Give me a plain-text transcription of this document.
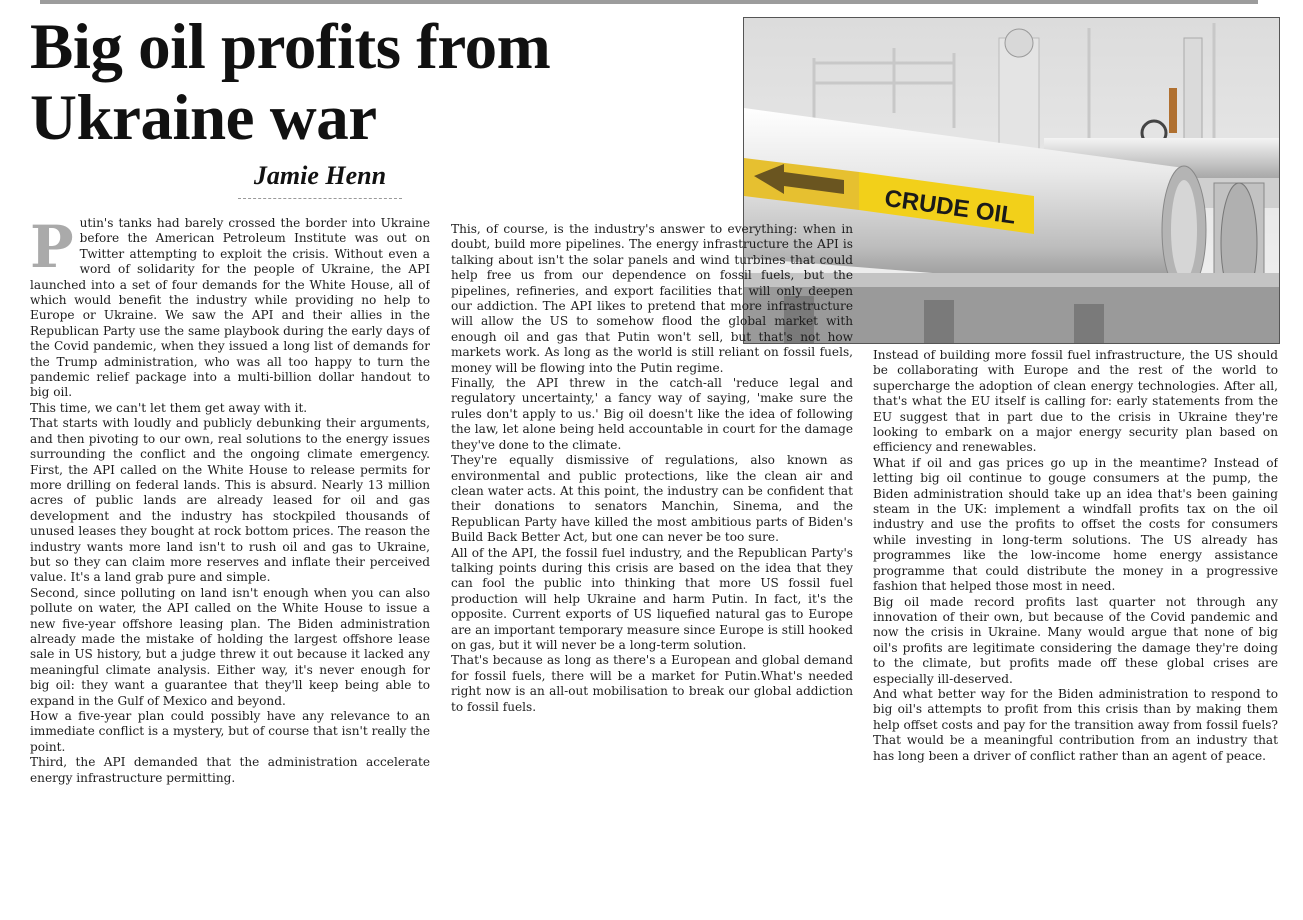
Big oil profits from Ukraine war
Jamie Henn
CRUDE OIL
P utin's tanks had barely crossed the border into Ukraine before the American Petroleum Institute was out on Twitter attempting to exploit the crisis. Without even a word of solidarity for the people of Ukraine, the API launched into a set of four demands for the White House, all of which would benefit the industry while providing no help to Europe or Ukraine. We saw the API and their allies in the Republican Party use the same playbook during the early days of the Covid pandemic, when they issued a long list of demands for the Trump administration, who was all too happy to turn the pandemic relief package into a multi-billion dollar handout to big oil.

This time, we can't let them get away with it.

That starts with loudly and publicly debunking their arguments, and then pivoting to our own, real solutions to the energy issues surrounding the conflict and the ongoing climate emergency. First, the API called on the White House to release permits for more drilling on federal lands. This is absurd. Nearly 13 million acres of public lands are already leased for oil and gas development and the industry has stockpiled thousands of unused leases they bought at rock bottom prices. The reason the industry wants more land isn't to rush oil and gas to Ukraine, but so they can claim more reserves and inflate their perceived value. It's a land grab pure and simple.

Second, since polluting on land isn't enough when you can also pollute on water, the API called on the White House to issue a new five-year offshore leasing plan. The Biden administration already made the mistake of holding the largest offshore lease sale in US history, but a judge threw it out because it lacked any meaningful climate analysis. Either way, it's never enough for big oil: they want a guarantee that they'll keep being able to expand in the Gulf of Mexico and beyond.

How a five-year plan could possibly have any relevance to an immediate conflict is a mystery, but of course that isn't really the point.

Third, the API demanded that the administration accelerate energy infrastructure permitting.

This, of course, is the industry's answer to everything: when in doubt, build more pipelines. The energy infrastructure the API is talking about isn't the solar panels and wind turbines that could help free us from our dependence on fossil fuels, but the pipelines, refineries, and export facilities that will only deepen our addiction. The API likes to pretend that more infrastructure will allow the US to somehow flood the global market with enough oil and gas that Putin won't sell, but that's not how markets work. As long as the world is still reliant on fossil fuels, money will be flowing into the Putin regime.

Finally, the API threw in the catch-all 'reduce legal and regulatory uncertainty,' a fancy way of saying, 'make sure the rules don't apply to us.' Big oil doesn't like the idea of following the law, let alone being held accountable in court for the damage they've done to the climate.

They're equally dismissive of regulations, also known as environmental and public protections, like the clean air and clean water acts. At this point, the industry can be confident that their donations to senators Manchin, Sinema, and the Republican Party have killed the most ambitious parts of Biden's Build Back Better Act, but one can never be too sure.

All of the API, the fossil fuel industry, and the Republican Party's talking points during this crisis are based on the idea that they can fool the public into thinking that more US fossil fuel production will help Ukraine and harm Putin. In fact, it's the opposite. Current exports of US liquefied natural gas to Europe are an important temporary measure since Europe is still hooked on gas, but it will never be a long-term solution.

That's because as long as there's a European and global demand for fossil fuels, there will be a market for Putin.What's needed right now is an all-out mobilisation to break our global addiction to fossil fuels.

Instead of building more fossil fuel infrastructure, the US should be collaborating with Europe and the rest of the world to supercharge the adoption of clean energy technologies. After all, that's what the EU itself is calling for: early statements from the EU suggest that in part due to the crisis in Ukraine they're looking to embark on a major energy security plan based on efficiency and renewables.

What if oil and gas prices go up in the meantime? Instead of letting big oil continue to gouge consumers at the pump, the Biden administration should take up an idea that's been gaining steam in the UK: implement a windfall profits tax on the oil industry and use the profits to offset the costs for consumers while investing in long-term solutions. The US already has programmes like the low-income home energy assistance programme that could distribute the money in a progressive fashion that helped those most in need.

Big oil made record profits last quarter not through any innovation of their own, but because of the Covid pandemic and now the crisis in Ukraine. Many would argue that none of big oil's profits are legitimate considering the damage they're doing to the climate, but profits made off these global crises are especially ill-deserved.

And what better way for the Biden administration to respond to big oil's attempts to profit from this crisis than by making them help offset costs and pay for the transition away from fossil fuels? That would be a meaningful contribution from an industry that has long been a driver of conflict rather than an agent of peace.
